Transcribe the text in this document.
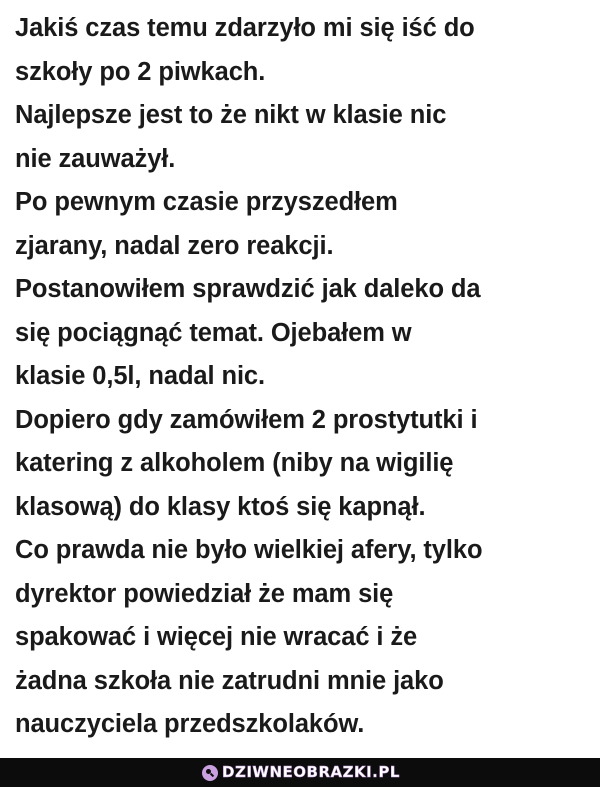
Jakiś czas temu zdarzyło mi się iść do
szkoły po 2 piwkach.
Najlepsze jest to że nikt w klasie nic
nie zauważył.
Po pewnym czasie przyszedłem
zjarany, nadal zero reakcji.
Postanowiłem sprawdzić jak daleko da
się pociągnąć temat. Ojebałem w
klasie 0,5l, nadal nic.
Dopiero gdy zamówiłem 2 prostytutki i
katering z alkoholem (niby na wigilię
klasową) do klasy ktoś się kapnął.
Co prawda nie było wielkiej afery, tylko
dyrektor powiedział że mam się
spakować i więcej nie wracać i że
żadna szkoła nie zatrudni mnie jako
nauczyciela przedszkolaków.
DZIWNEOBRAZKI.PL
